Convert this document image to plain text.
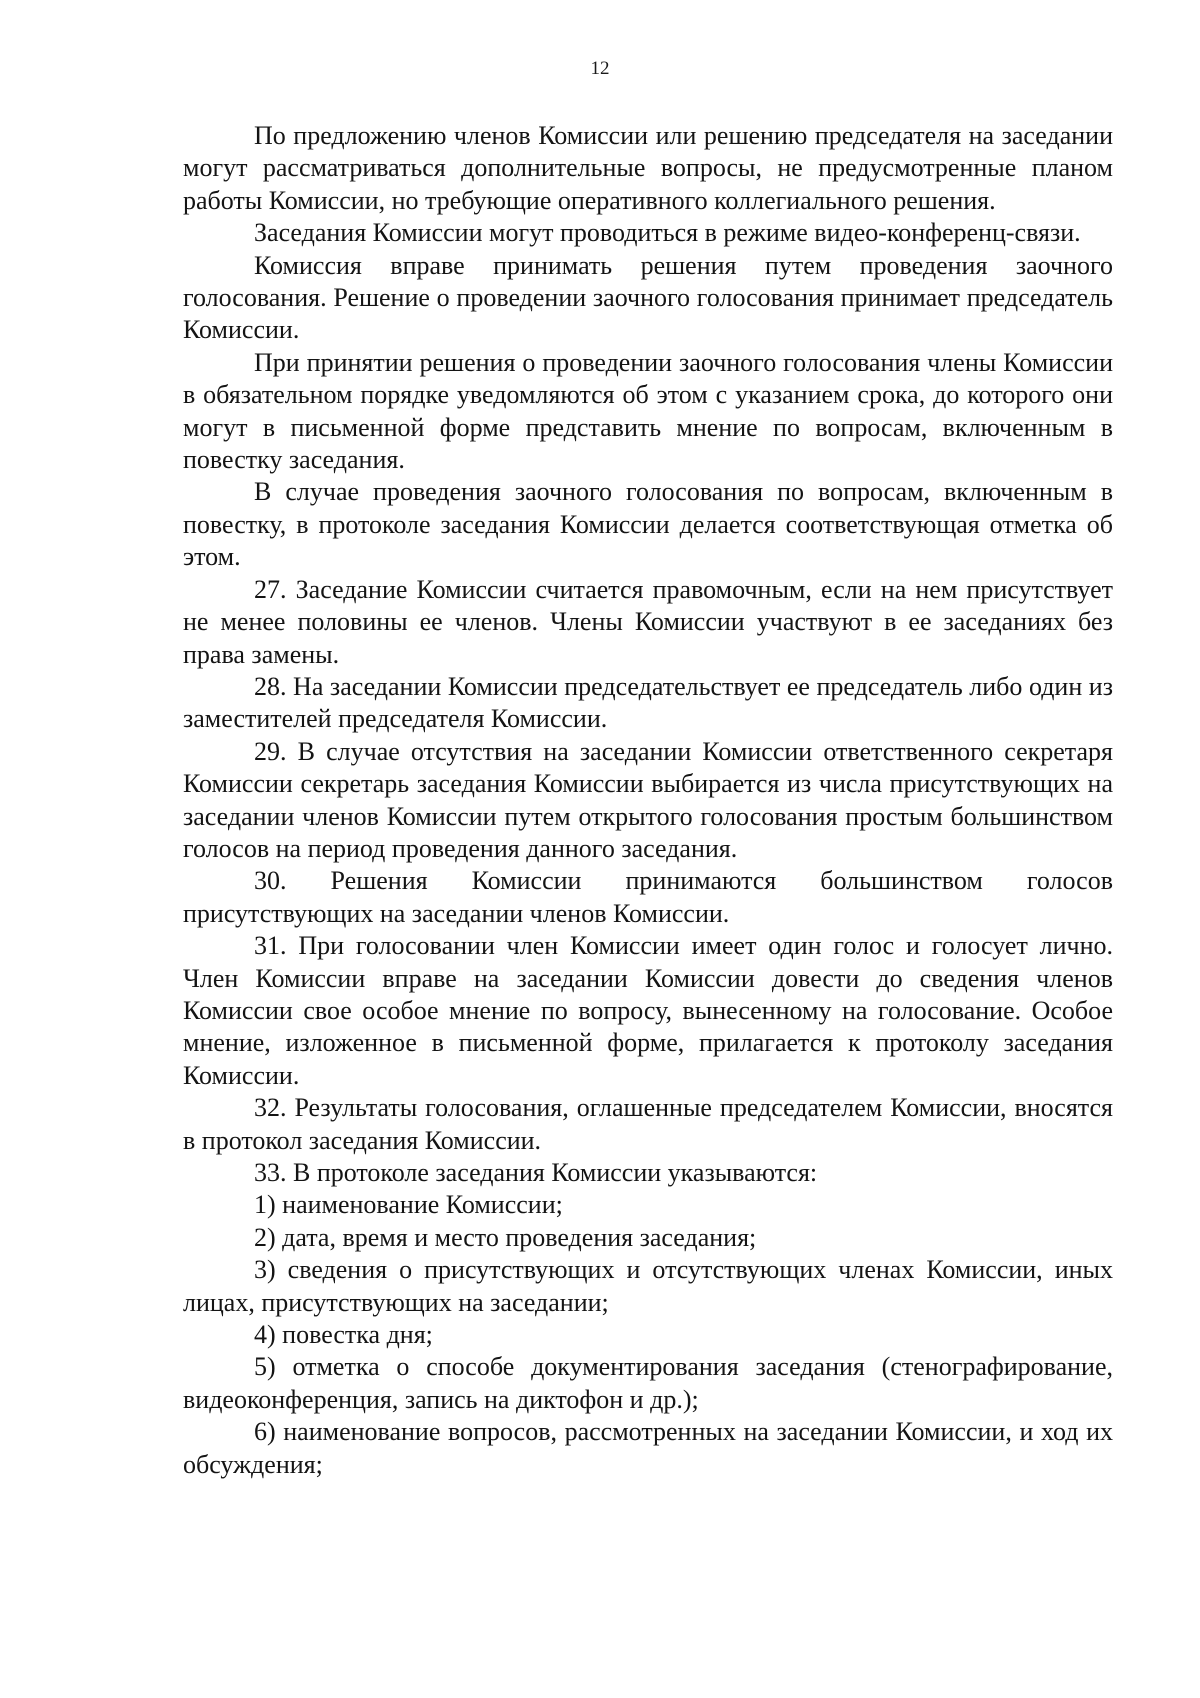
12

По предложению членов Комиссии или решению председателя на заседании могут рассматриваться дополнительные вопросы, не предусмотренные планом работы Комиссии, но требующие оперативного коллегиального решения.

Заседания Комиссии могут проводиться в режиме видео-конференц-связи.

Комиссия вправе принимать решения путем проведения заочного голосования. Решение о проведении заочного голосования принимает председатель Комиссии.

При принятии решения о проведении заочного голосования члены Комиссии в обязательном порядке уведомляются об этом с указанием срока, до которого они могут в письменной форме представить мнение по вопросам, включенным в повестку заседания.

В случае проведения заочного голосования по вопросам, включенным в повестку, в протоколе заседания Комиссии делается соответствующая отметка об этом.

27. Заседание Комиссии считается правомочным, если на нем присутствует не менее половины ее членов. Члены Комиссии участвуют в ее заседаниях без права замены.

28. На заседании Комиссии председательствует ее председатель либо один из заместителей председателя Комиссии.

29. В случае отсутствия на заседании Комиссии ответственного секретаря Комиссии секретарь заседания Комиссии выбирается из числа присутствующих на заседании членов Комиссии путем открытого голосования простым большинством голосов на период проведения данного заседания.

30. Решения Комиссии принимаются большинством голосов присутствующих на заседании членов Комиссии.

31. При голосовании член Комиссии имеет один голос и голосует лично. Член Комиссии вправе на заседании Комиссии довести до сведения членов Комиссии свое особое мнение по вопросу, вынесенному на голосование. Особое мнение, изложенное в письменной форме, прилагается к протоколу заседания Комиссии.

32. Результаты голосования, оглашенные председателем Комиссии, вносятся в протокол заседания Комиссии.

33. В протоколе заседания Комиссии указываются:

1) наименование Комиссии;

2) дата, время и место проведения заседания;

3) сведения о присутствующих и отсутствующих членах Комиссии, иных лицах, присутствующих на заседании;

4) повестка дня;

5) отметка о способе документирования заседания (стенографирование, видеоконференция, запись на диктофон и др.);

6) наименование вопросов, рассмотренных на заседании Комиссии, и ход их обсуждения;
